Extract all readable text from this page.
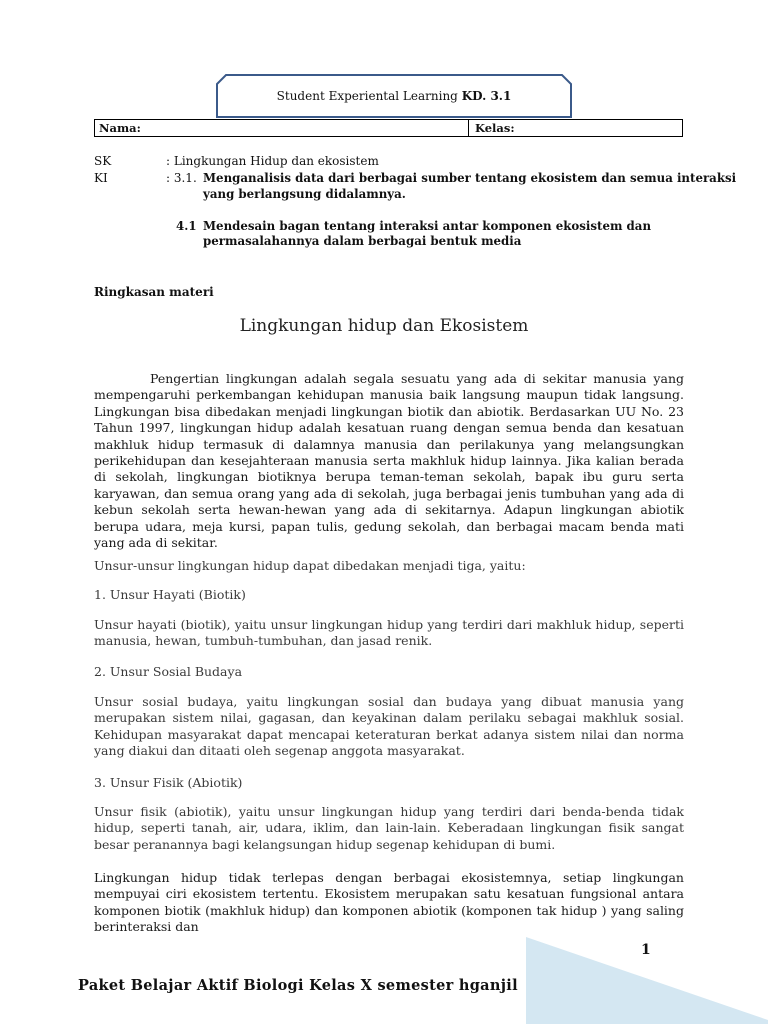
Student Experiental Learning KD. 3.1
Nama:	Kelas:
SK	: Lingkungan Hidup dan ekosistem
KI	: 3.1. Menganalisis data dari berbagai sumber tentang ekosistem dan semua interaksi
yang berlangsung didalamnya.
4.1 Mendesain bagan tentang interaksi antar komponen ekosistem dan
permasalahannya dalam berbagai bentuk media
Ringkasan materi
Lingkungan hidup dan Ekosistem
Pengertian lingkungan adalah segala sesuatu yang ada di sekitar manusia yang mempengaruhi perkembangan kehidupan manusia baik langsung maupun tidak langsung. Lingkungan bisa dibedakan menjadi lingkungan biotik dan abiotik. Berdasarkan UU No. 23 Tahun 1997, lingkungan hidup adalah kesatuan ruang dengan semua benda dan kesatuan makhluk hidup termasuk di dalamnya manusia dan perilakunya yang melangsungkan perikehidupan dan kesejahteraan manusia serta makhluk hidup lainnya. Jika kalian berada di sekolah, lingkungan biotiknya berupa teman-teman sekolah, bapak ibu guru serta karyawan, dan semua orang yang ada di sekolah, juga berbagai jenis tumbuhan yang ada di kebun sekolah serta hewan-hewan yang ada di sekitarnya. Adapun lingkungan abiotik berupa udara, meja kursi, papan tulis, gedung sekolah, dan berbagai macam benda mati yang ada di sekitar.
Unsur-unsur lingkungan hidup dapat dibedakan menjadi tiga, yaitu:
1. Unsur Hayati (Biotik)
Unsur hayati (biotik), yaitu unsur lingkungan hidup yang terdiri dari makhluk hidup, seperti manusia, hewan, tumbuh-tumbuhan, dan jasad renik.
2. Unsur Sosial Budaya
Unsur sosial budaya, yaitu lingkungan sosial dan budaya yang dibuat manusia yang merupakan sistem nilai, gagasan, dan keyakinan dalam perilaku sebagai makhluk sosial. Kehidupan masyarakat dapat mencapai keteraturan berkat adanya sistem nilai dan norma yang diakui dan ditaati oleh segenap anggota masyarakat.
3. Unsur Fisik (Abiotik)
Unsur fisik (abiotik), yaitu unsur lingkungan hidup yang terdiri dari benda-benda tidak hidup, seperti tanah, air, udara, iklim, dan lain-lain. Keberadaan lingkungan fisik sangat besar peranannya bagi kelangsungan hidup segenap kehidupan di bumi.
Lingkungan hidup tidak terlepas dengan berbagai ekosistemnya, setiap lingkungan mempuyai ciri ekosistem tertentu. Ekosistem merupakan satu kesatuan fungsional antara komponen biotik (makhluk hidup) dan komponen abiotik (komponen tak hidup ) yang saling berinteraksi dan
1
Paket Belajar Aktif Biologi Kelas X semester hganjil
